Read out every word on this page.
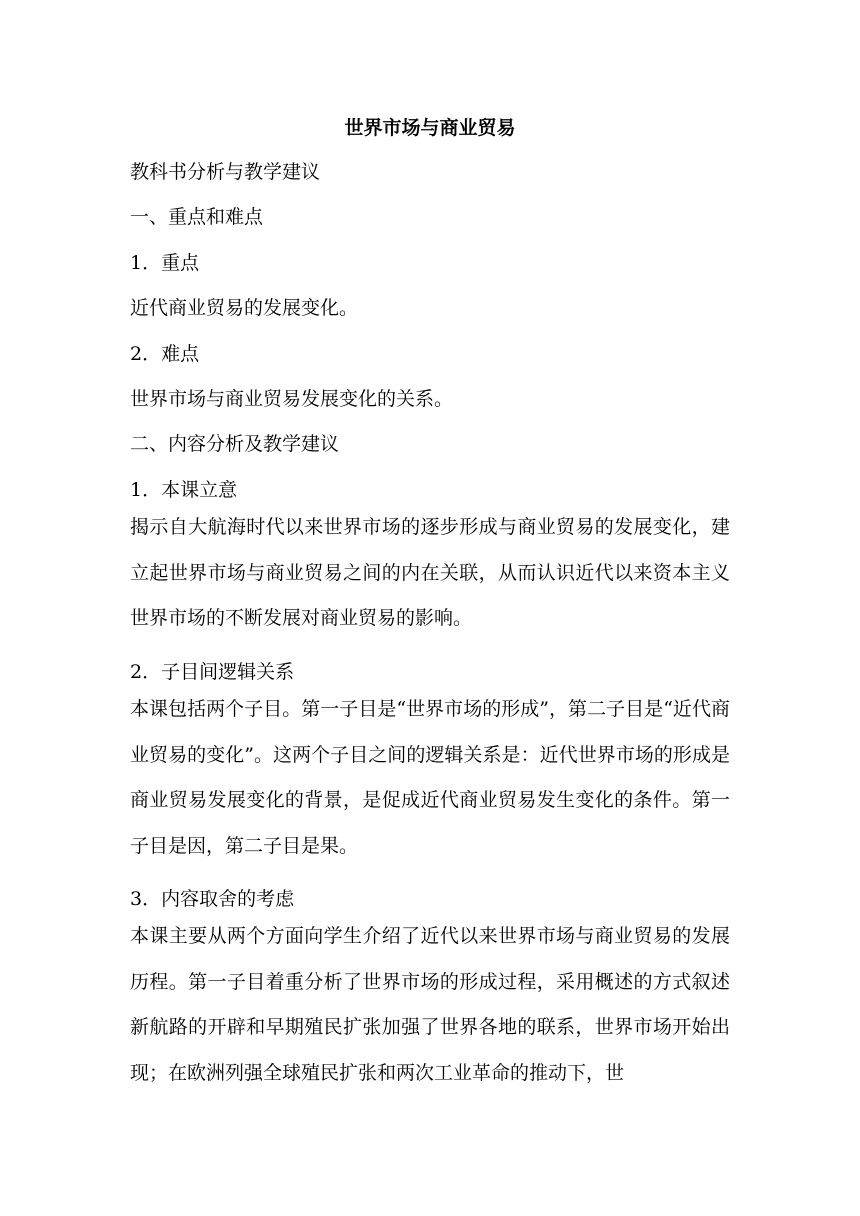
世界市场与商业贸易

教科书分析与教学建议

一、重点和难点

1．重点

近代商业贸易的发展变化。

2．难点

世界市场与商业贸易发展变化的关系。

二、内容分析及教学建议

1．本课立意

揭示自大航海时代以来世界市场的逐步形成与商业贸易的发展变化，建立起世界市场与商业贸易之间的内在关联，从而认识近代以来资本主义世界市场的不断发展对商业贸易的影响。

2．子目间逻辑关系

本课包括两个子目。第一子目是“世界市场的形成”，第二子目是“近代商业贸易的变化”。这两个子目之间的逻辑关系是：近代世界市场的形成是商业贸易发展变化的背景，是促成近代商业贸易发生变化的条件。第一子目是因，第二子目是果。

3．内容取舍的考虑

本课主要从两个方面向学生介绍了近代以来世界市场与商业贸易的发展历程。第一子目着重分析了世界市场的形成过程，采用概述的方式叙述新航路的开辟和早期殖民扩张加强了世界各地的联系，世界市场开始出现；在欧洲列强全球殖民扩张和两次工业革命的推动下，世
